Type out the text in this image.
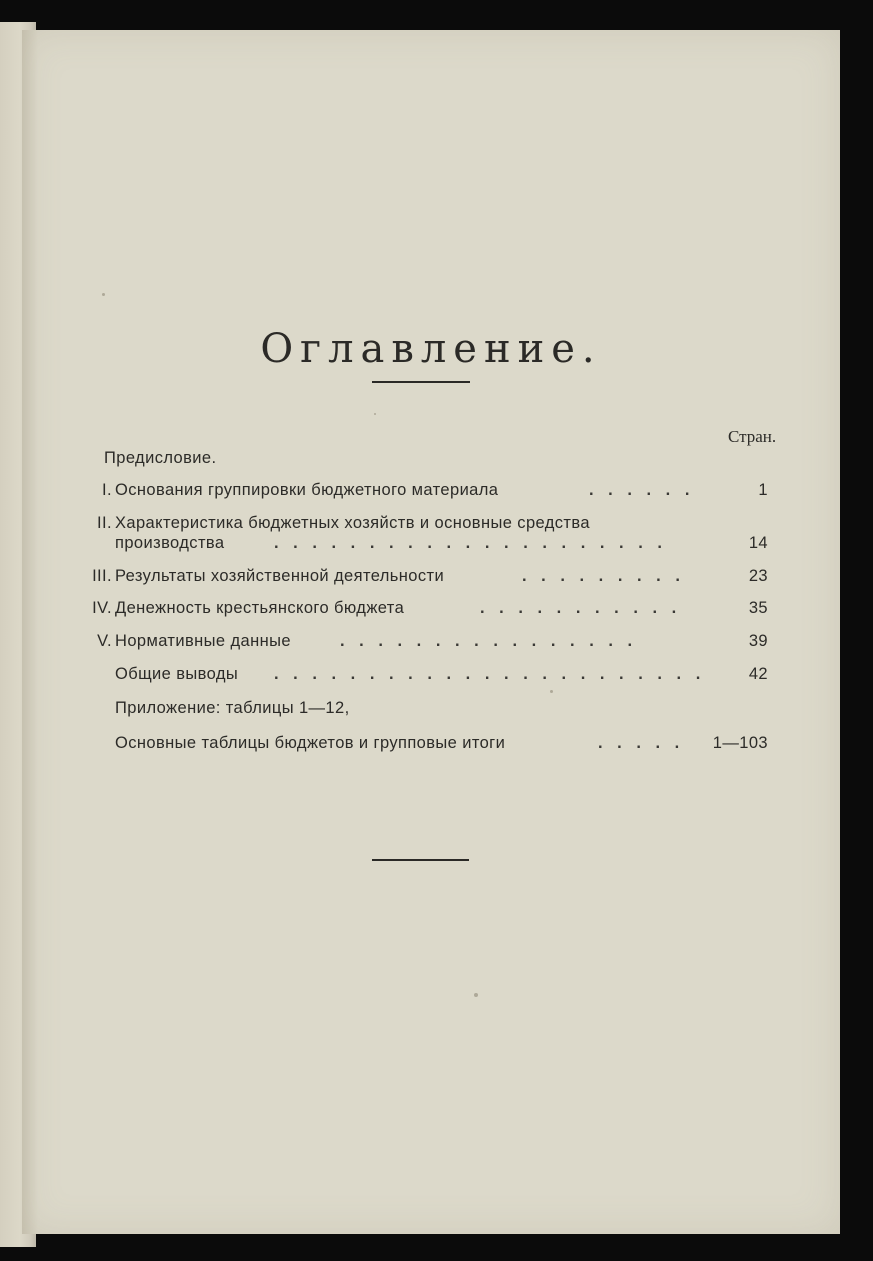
Оглавление.
Стран.
Предисловие.
I. Основания группировки бюджетного материала	. . . . . .	1
II. Характеристика бюджетных хозяйств и основные средства
производства	. . . . . . . . . . . . . . . . . . . . .	14
III. Результаты хозяйственной деятельности	. . . . . . . . .	23
IV. Денежность крестьянского бюджета	. . . . . . . . . . .	35
V. Нормативные данные	. . . . . . . . . . . . . . . .	39
Общие выводы . . . . . . . . . . . . . . . . . . . . . . .	42
Приложение: таблицы 1—12,
Основные таблицы бюджетов и групповые итоги	. . . . .	1—103
